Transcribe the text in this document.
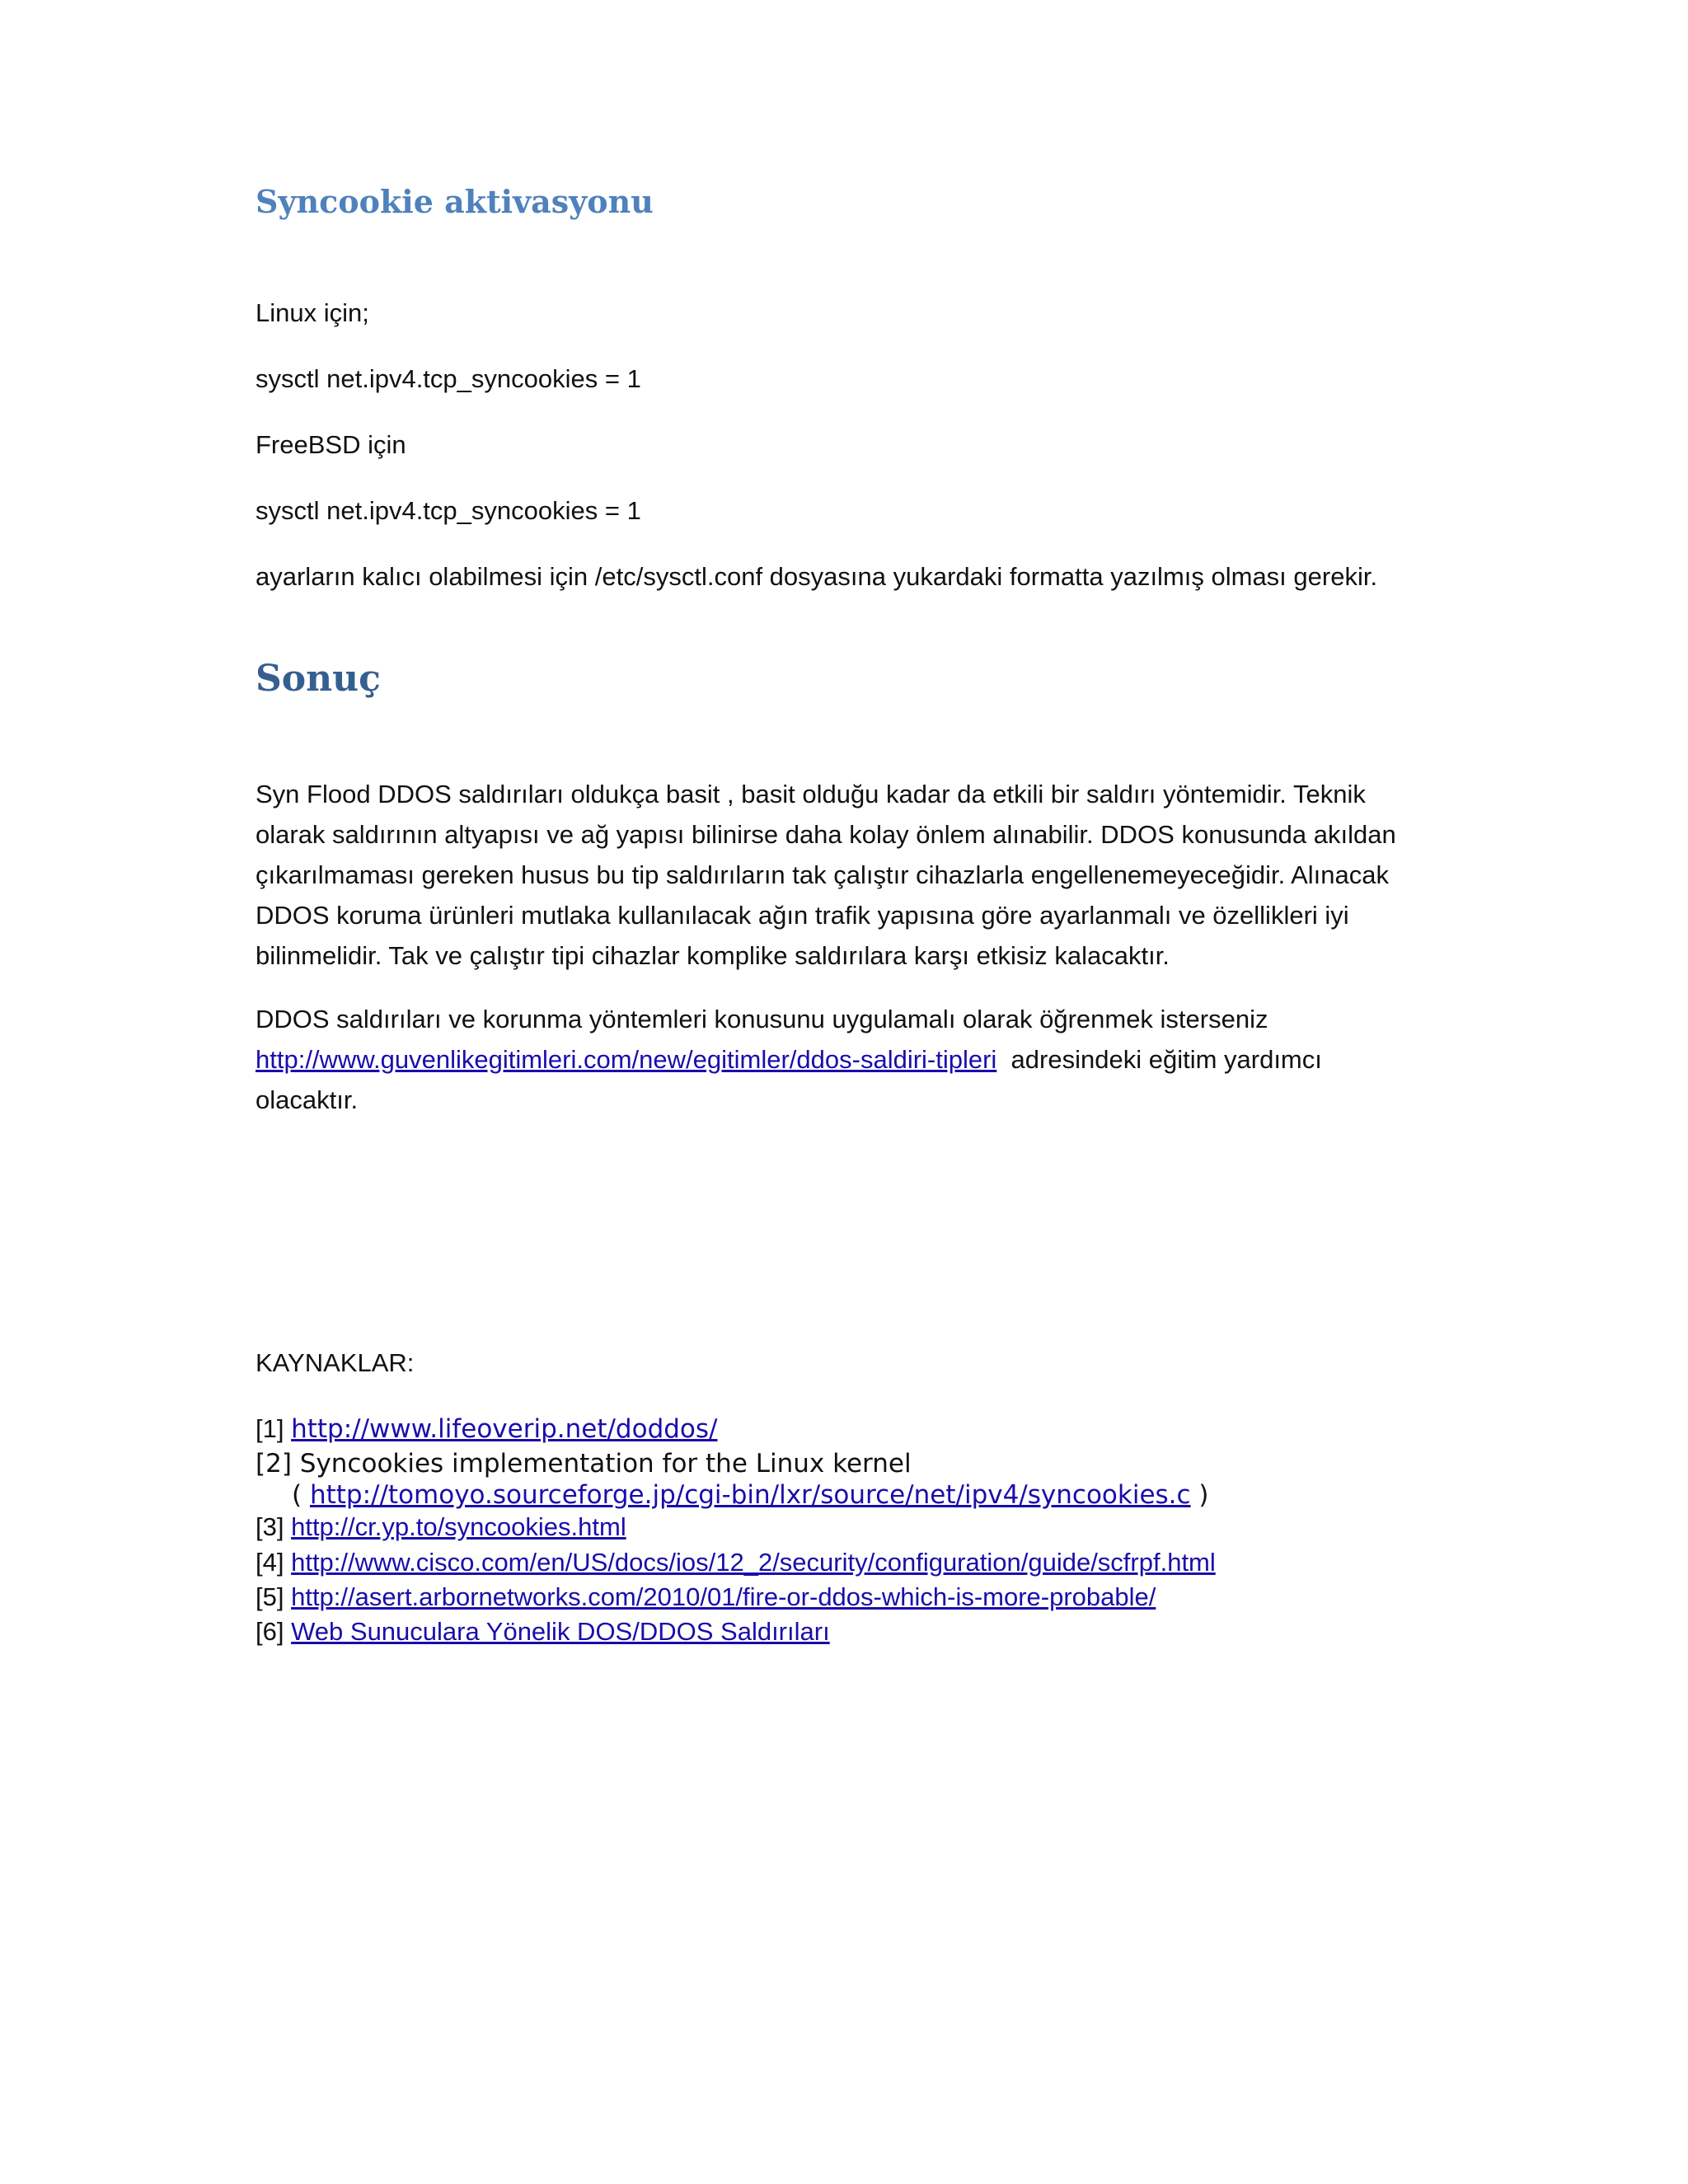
Syncookie aktivasyonu
Linux için;
sysctl net.ipv4.tcp_syncookies = 1
FreeBSD için
sysctl net.ipv4.tcp_syncookies = 1
ayarların kalıcı olabilmesi için /etc/sysctl.conf dosyasına yukardaki formatta yazılmış olması gerekir.
Sonuç
Syn Flood DDOS saldırıları oldukça basit , basit olduğu kadar da etkili bir saldırı yöntemidir. Teknik
olarak saldırının altyapısı ve ağ yapısı bilinirse daha kolay önlem alınabilir. DDOS konusunda akıldan
çıkarılmaması gereken husus bu tip saldırıların tak çalıştır cihazlarla engellenemeyeceğidir. Alınacak
DDOS koruma ürünleri mutlaka kullanılacak ağın trafik yapısına göre ayarlanmalı ve özellikleri iyi
bilinmelidir. Tak ve çalıştır tipi cihazlar komplike saldırılara karşı etkisiz kalacaktır.
DDOS saldırıları ve korunma yöntemleri konusunu uygulamalı olarak öğrenmek isterseniz
http://www.guvenlikegitimleri.com/new/egitimler/ddos-saldiri-tipleri  adresindeki eğitim yardımcı
olacaktır.
KAYNAKLAR:
[1] http://www.lifeoverip.net/doddos/
[2] Syncookies implementation for the Linux kernel
( http://tomoyo.sourceforge.jp/cgi-bin/lxr/source/net/ipv4/syncookies.c )
[3] http://cr.yp.to/syncookies.html
[4] http://www.cisco.com/en/US/docs/ios/12_2/security/configuration/guide/scfrpf.html
[5] http://asert.arbornetworks.com/2010/01/fire-or-ddos-which-is-more-probable/
[6] Web Sunuculara Yönelik DOS/DDOS Saldırıları
